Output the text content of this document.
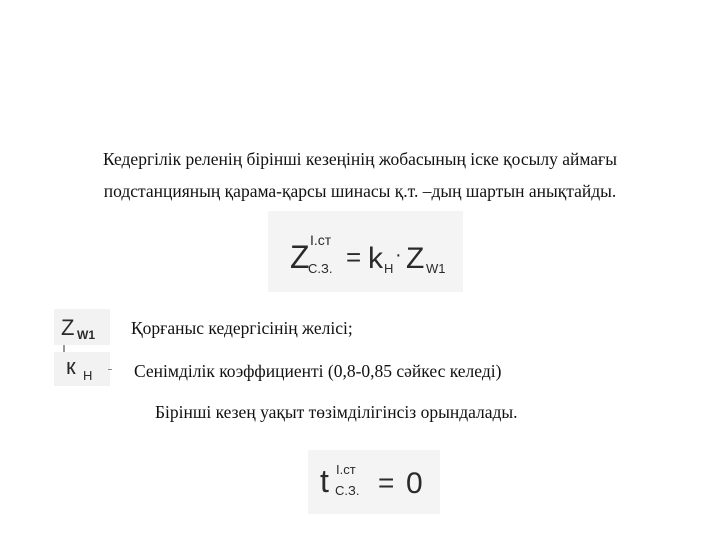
Кедергілік реленің бірінші кезеңінің жобасының іске қосылу аймағы
подстанцияның қарама-қарсы шинасы қ.т. –дың шартын анықтайды.
Z I.ст
С.З. = k Н
· Z W1
Z W1
к Н
Қорғаныс кедергісінің желісі;
Сенімділік коэффициенті (0,8-0,85 сәйкес келеді)
Бірінші кезең уақыт төзімділігінсіз орындалады.
t I.ст
С.З. = 0
